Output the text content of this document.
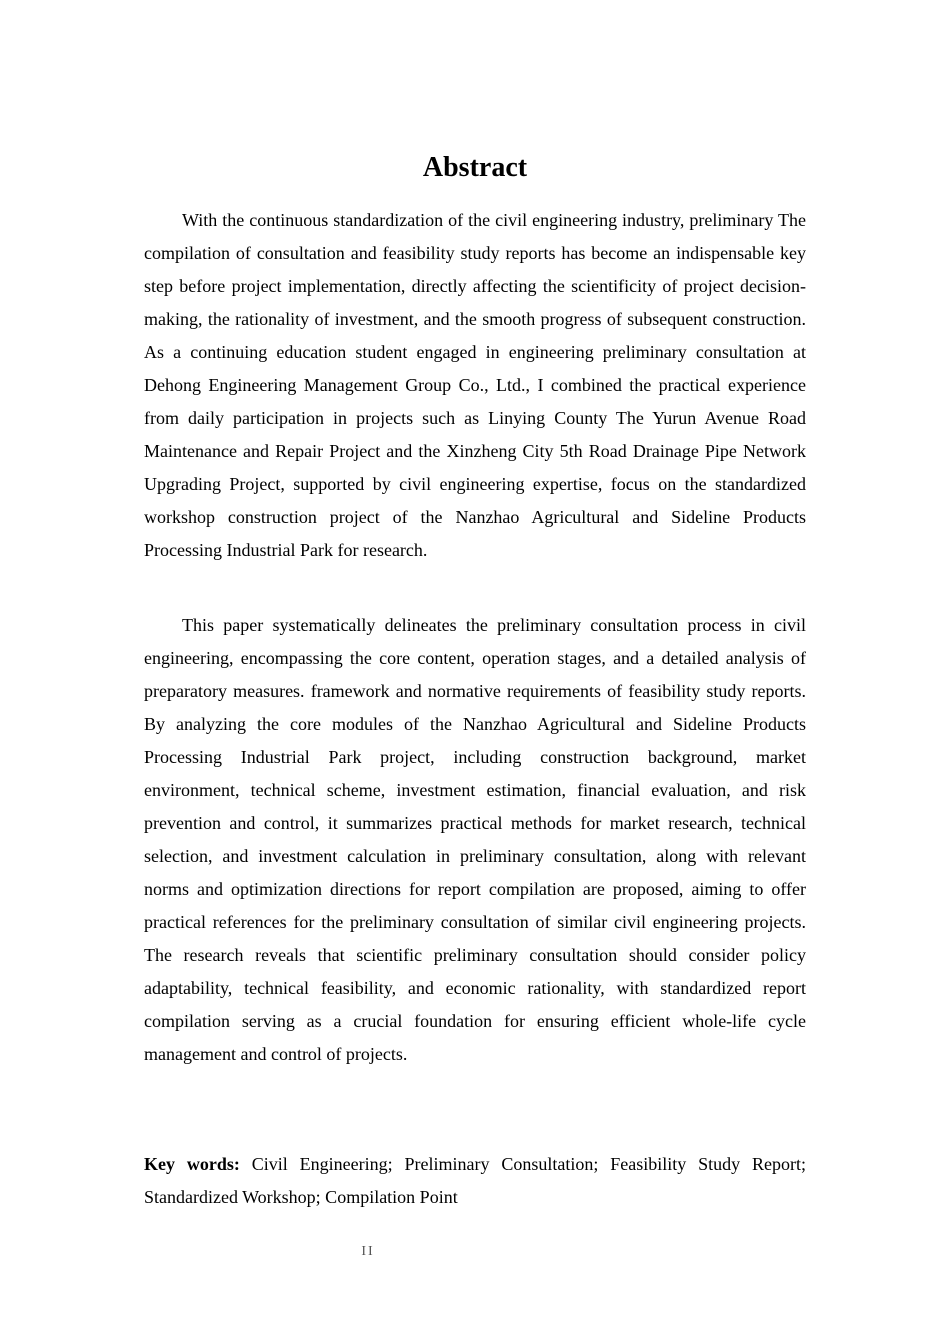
Abstract

With the continuous standardization of the civil engineering industry, preliminary The compilation of consultation and feasibility study reports has become an indispensable key step before project implementation, directly affecting the scientificity of project decision-making, the rationality of investment, and the smooth progress of subsequent construction. As a continuing education student engaged in engineering preliminary consultation at Dehong Engineering Management Group Co., Ltd., I combined the practical experience from daily participation in projects such as Linying County The Yurun Avenue Road Maintenance and Repair Project and the Xinzheng City 5th Road Drainage Pipe Network Upgrading Project, supported by civil engineering expertise, focus on the standardized workshop construction project of the Nanzhao Agricultural and Sideline Products Processing Industrial Park for research.

This paper systematically delineates the preliminary consultation process in civil engineering, encompassing the core content, operation stages, and a detailed analysis of preparatory measures. framework and normative requirements of feasibility study reports. By analyzing the core modules of the Nanzhao Agricultural and Sideline Products Processing Industrial Park project, including construction background, market environment, technical scheme, investment estimation, financial evaluation, and risk prevention and control, it summarizes practical methods for market research, technical selection, and investment calculation in preliminary consultation, along with relevant norms and optimization directions for report compilation are proposed, aiming to offer practical references for the preliminary consultation of similar civil engineering projects. The research reveals that scientific preliminary consultation should consider policy adaptability, technical feasibility, and economic rationality, with standardized report compilation serving as a crucial foundation for ensuring efficient whole-life cycle management and control of projects.

Key words: Civil Engineering; Preliminary Consultation; Feasibility Study Report; Standardized Workshop; Compilation Point

II
